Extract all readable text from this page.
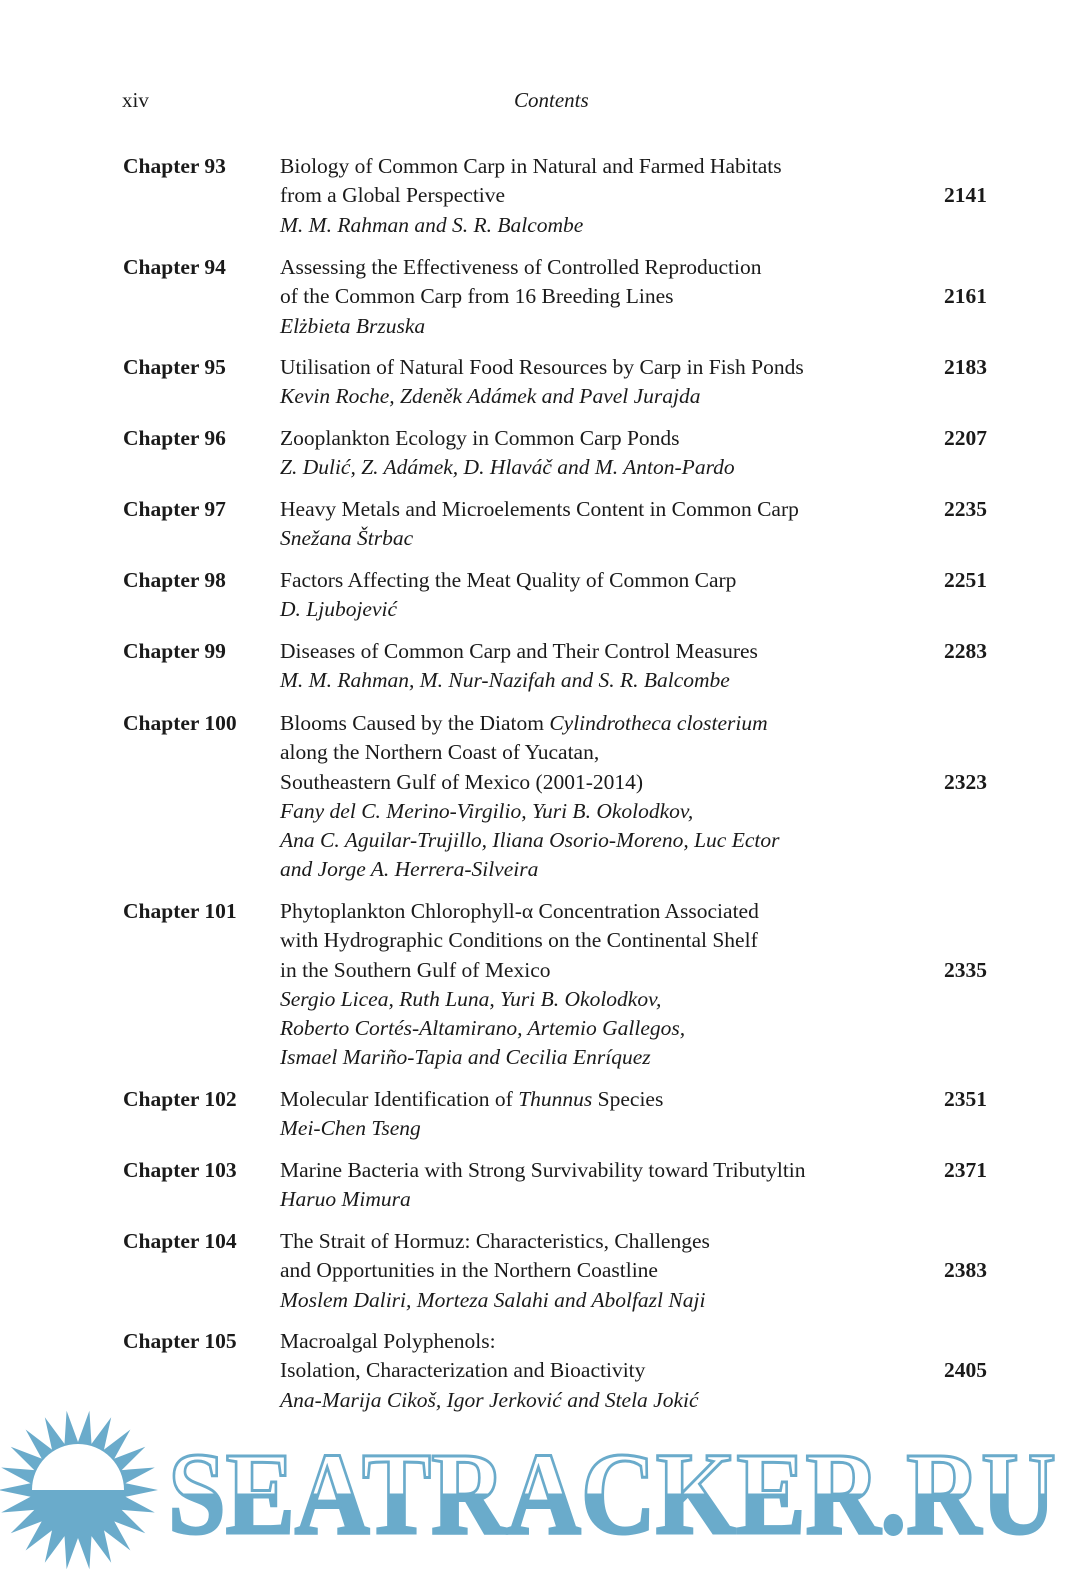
xiv	Contents
Chapter 93	Biology of Common Carp in Natural and Farmed Habitats
from a Global Perspective
M. M. Rahman and S. R. Balcombe
2141
Chapter 94	Assessing the Effectiveness of Controlled Reproduction
of the Common Carp from 16 Breeding Lines
Elżbieta Brzuska
2161
Chapter 95	Utilisation of Natural Food Resources by Carp in Fish Ponds
Kevin Roche, Zdeněk Adámek and Pavel Jurajda
2183
Chapter 96	Zooplankton Ecology in Common Carp Ponds
Z. Dulić, Z. Adámek, D. Hlaváč and M. Anton-Pardo
2207
Chapter 97	Heavy Metals and Microelements Content in Common Carp
Snežana Štrbac
2235
Chapter 98	Factors Affecting the Meat Quality of Common Carp
D. Ljubojević
2251
Chapter 99	Diseases of Common Carp and Their Control Measures
M. M. Rahman, M. Nur-Nazifah and S. R. Balcombe
2283
Chapter 100 Blooms Caused by the Diatom Cylindrotheca closterium
along the Northern Coast of Yucatan,
Southeastern Gulf of Mexico (2001-2014)
Fany del C. Merino-Virgilio, Yuri B. Okolodkov,
Ana C. Aguilar-Trujillo, Iliana Osorio-Moreno, Luc Ector
and Jorge A. Herrera-Silveira
2323
Chapter 101 Phytoplankton Chlorophyll-α Concentration Associated
with Hydrographic Conditions on the Continental Shelf
in the Southern Gulf of Mexico
Sergio Licea, Ruth Luna, Yuri B. Okolodkov,
Roberto Cortés-Altamirano, Artemio Gallegos,
Ismael Mariño-Tapia and Cecilia Enríquez
2335
Chapter 102 Molecular Identification of Thunnus Species
Mei-Chen Tseng
2351
Chapter 103 Marine Bacteria with Strong Survivability toward Tributyltin
Haruo Mimura
2371
Chapter 104 The Strait of Hormuz: Characteristics, Challenges
and Opportunities in the Northern Coastline
Moslem Daliri, Morteza Salahi and Abolfazl Naji
2383
Chapter 105 Macroalgal Polyphenols:
Isolation, Characterization and Bioactivity
Ana-Marija Cikoš, Igor Jerković and Stela Jokić
2405
SEATRACKER.RU
